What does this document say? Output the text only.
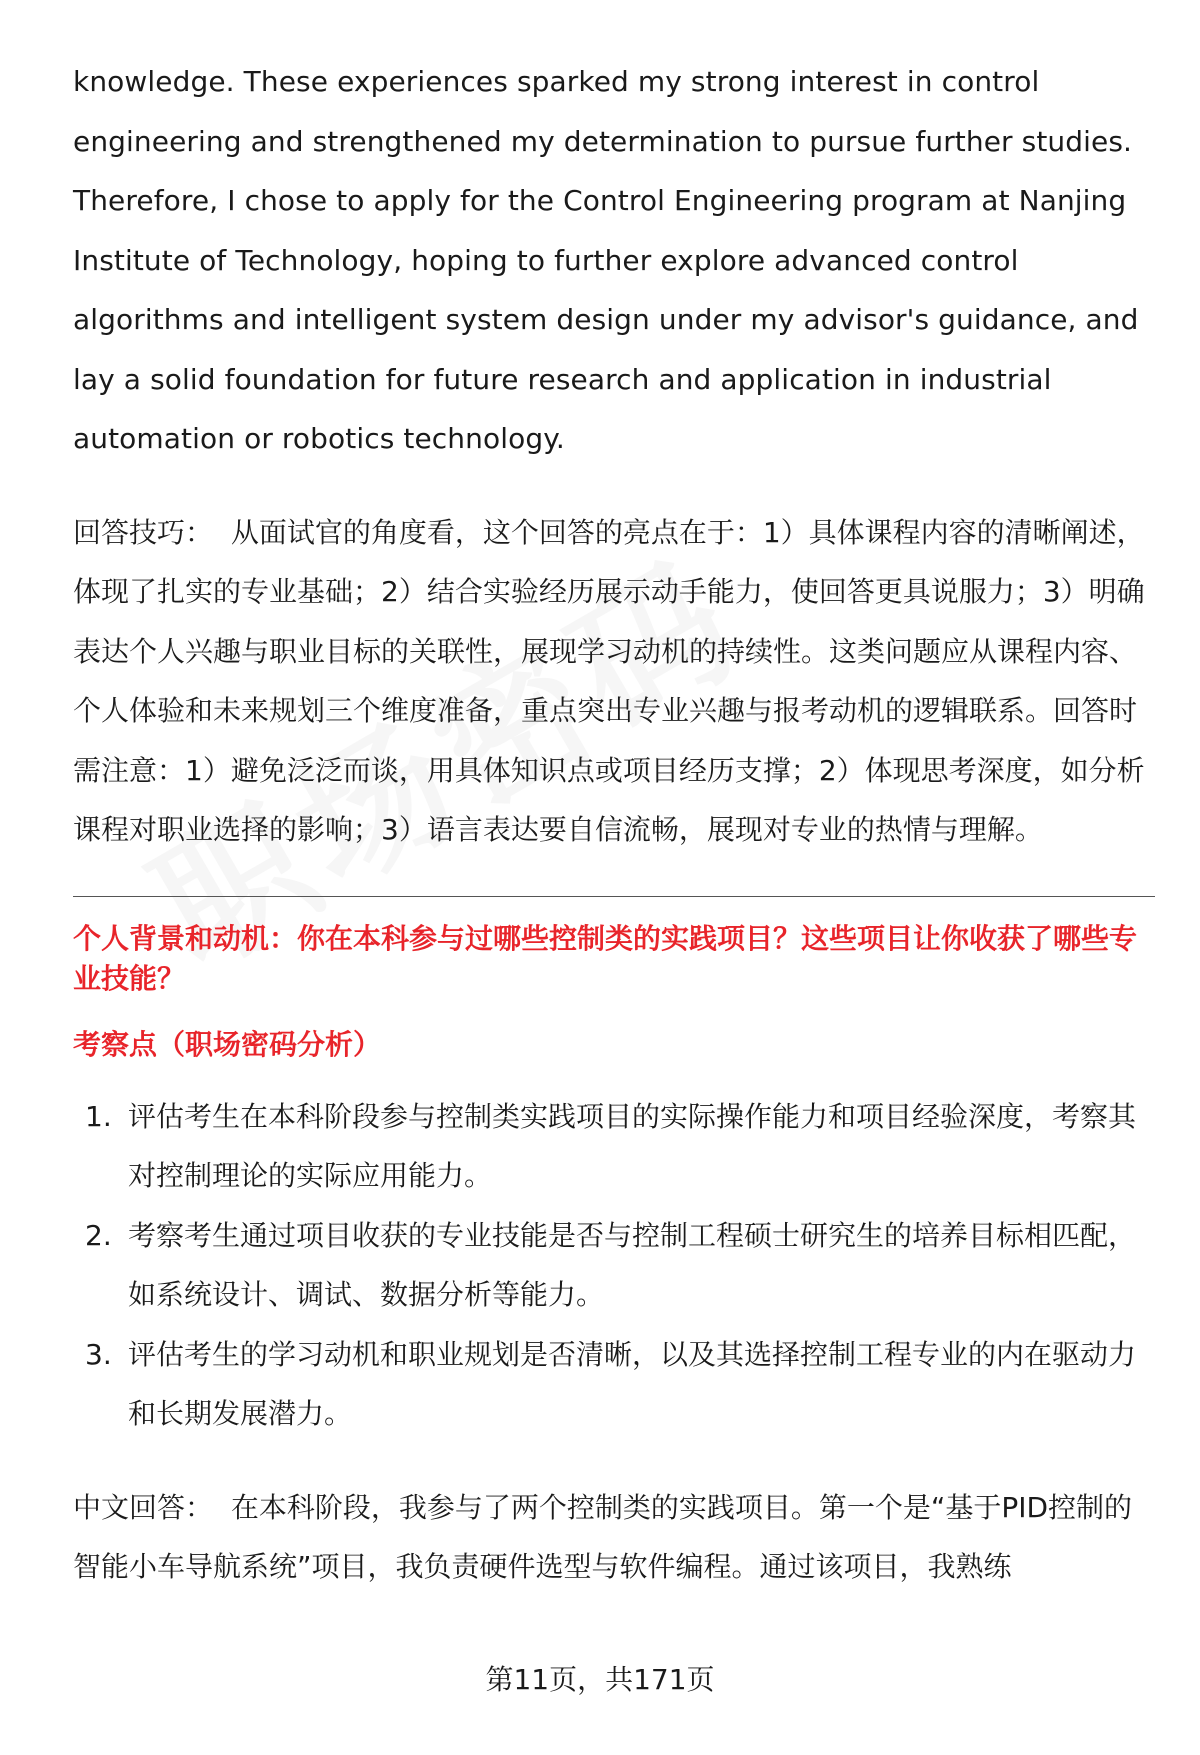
knowledge. These experiences sparked my strong interest in control engineering and strengthened my determination to pursue further studies. Therefore, I chose to apply for the Control Engineering program at Nanjing Institute of Technology, hoping to further explore advanced control algorithms and intelligent system design under my advisor's guidance, and lay a solid foundation for future research and application in industrial automation or robotics technology.

回答技巧： 从面试官的角度看，这个回答的亮点在于：1）具体课程内容的清晰阐述，体现了扎实的专业基础；2）结合实验经历展示动手能力，使回答更具说服力；3）明确表达个人兴趣与职业目标的关联性，展现学习动机的持续性。这类问题应从课程内容、个人体验和未来规划三个维度准备，重点突出专业兴趣与报考动机的逻辑联系。回答时需注意：1）避免泛泛而谈，用具体知识点或项目经历支撑；2）体现思考深度，如分析课程对职业选择的影响；3）语言表达要自信流畅，展现对专业的热情与理解。

个人背景和动机：你在本科参与过哪些控制类的实践项目？这些项目让你收获了哪些专业技能？

考察点（职场密码分析）

1. 评估考生在本科阶段参与控制类实践项目的实际操作能力和项目经验深度，考察其对控制理论的实际应用能力。
2. 考察考生通过项目收获的专业技能是否与控制工程硕士研究生的培养目标相匹配，如系统设计、调试、数据分析等能力。
3. 评估考生的学习动机和职业规划是否清晰，以及其选择控制工程专业的内在驱动力和长期发展潜力。

中文回答： 在本科阶段，我参与了两个控制类的实践项目。第一个是“基于PID控制的智能小车导航系统”项目，我负责硬件选型与软件编程。通过该项目，我熟练

第11页，共171页
